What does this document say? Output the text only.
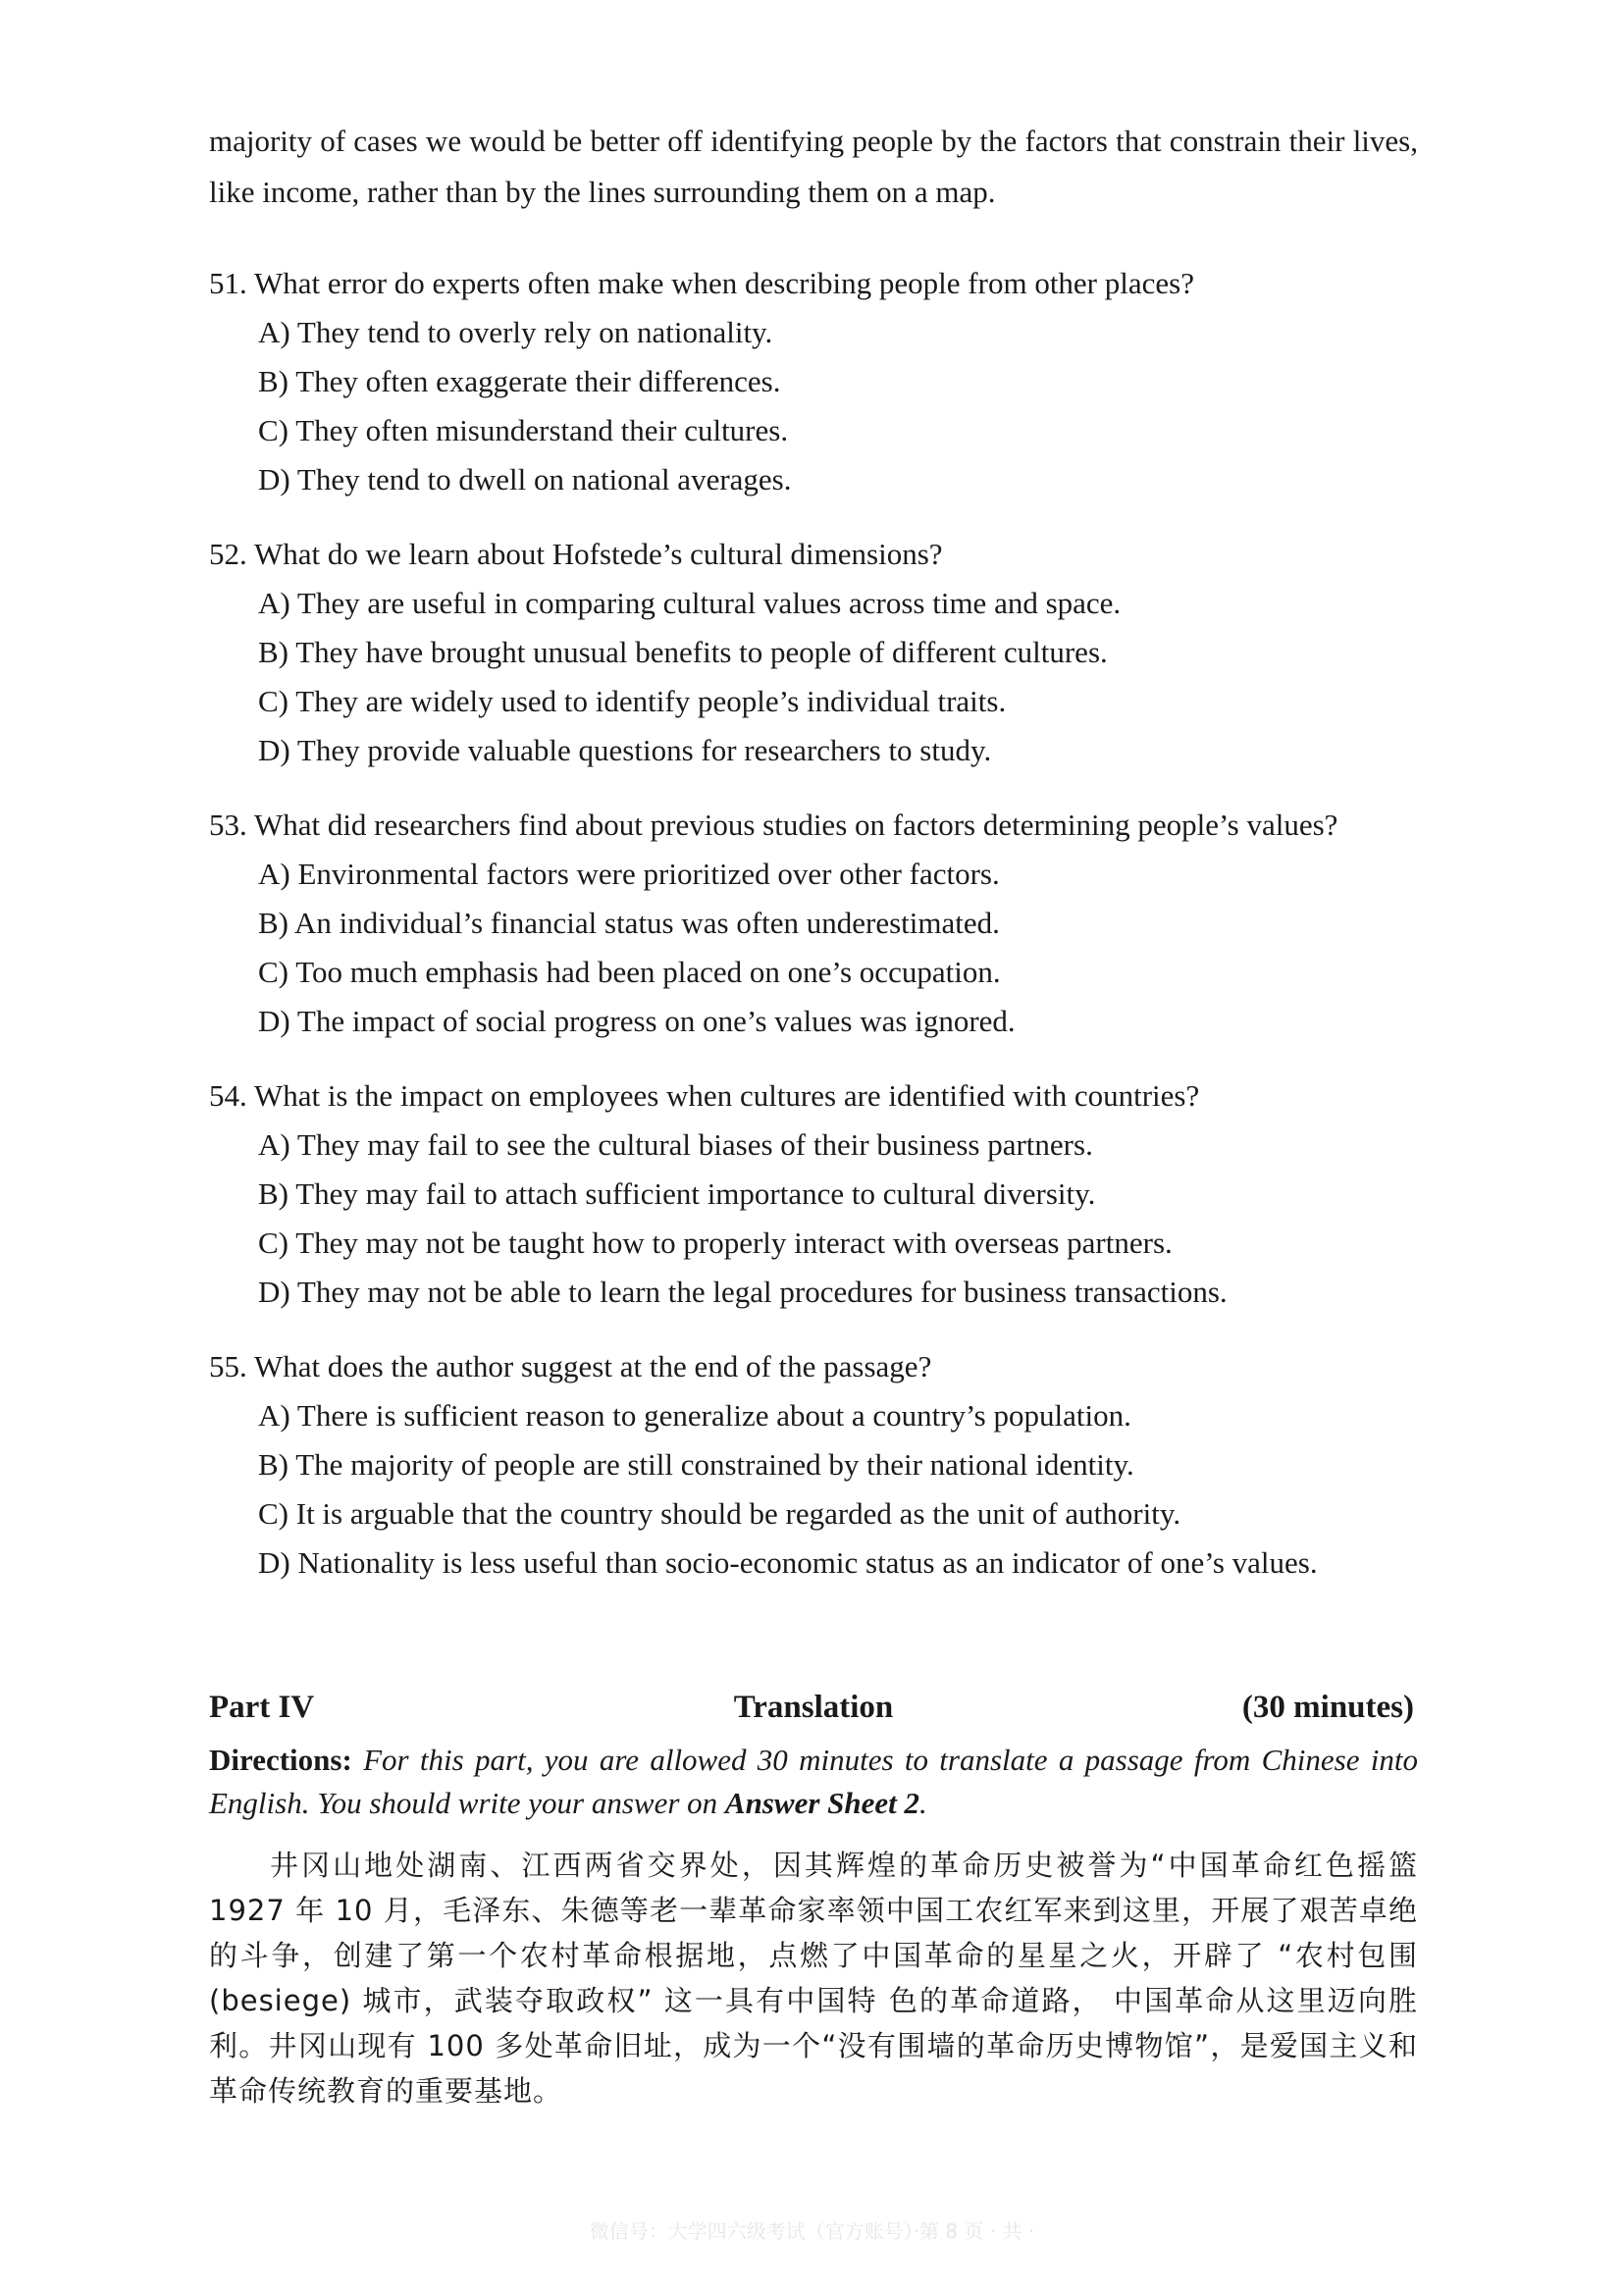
majority of cases we would be better off identifying people by the factors that constrain their lives, like income, rather than by the lines surrounding them on a map.

51. What error do experts often make when describing people from other places?

A) They tend to overly rely on nationality.

B) They often exaggerate their differences.

C) They often misunderstand their cultures.

D) They tend to dwell on national averages.

52. What do we learn about Hofstede’s cultural dimensions?

A) They are useful in comparing cultural values across time and space.

B) They have brought unusual benefits to people of different cultures.

C) They are widely used to identify people’s individual traits.

D) They provide valuable questions for researchers to study.

53. What did researchers find about previous studies on factors determining people’s values?

A) Environmental factors were prioritized over other factors.

B) An individual’s financial status was often underestimated.

C) Too much emphasis had been placed on one’s occupation.

D) The impact of social progress on one’s values was ignored.

54. What is the impact on employees when cultures are identified with countries?

A) They may fail to see the cultural biases of their business partners.

B) They may fail to attach sufficient importance to cultural diversity.

C) They may not be taught how to properly interact with overseas partners.

D) They may not be able to learn the legal procedures for business transactions.

55. What does the author suggest at the end of the passage?

A) There is sufficient reason to generalize about a country’s population.

B) The majority of people are still constrained by their national identity.

C) It is arguable that the country should be regarded as the unit of authority.

D) Nationality is less useful than socio-economic status as an indicator of one’s values.

Part IV	Translation	(30 minutes)
Directions: For this part, you are allowed 30 minutes to translate a passage from Chinese into English. You should write your answer on Answer Sheet 2.

井冈山地处湖南、江西两省交界处，因其辉煌的革命历史被誉为“中国革命红色摇篮 1927 年 10 月，毛泽东、朱德等老一辈革命家率领中国工农红军来到这里，开展了艰苦卓绝的斗争，创建了第一个农村革命根据地，点燃了中国革命的星星之火，开辟了 “农村包围 (besiege) 城市，武装夺取政权” 这一具有中国特 色的革命道路， 中国革命从这里迈向胜利。井冈山现有 100 多处革命旧址，成为一个“没有围墙的革命历史博物馆”，是爱国主义和革命传统教育的重要基地。

微信号：大学四六级考试（官方账号）·第 8 页 · 共 ·
